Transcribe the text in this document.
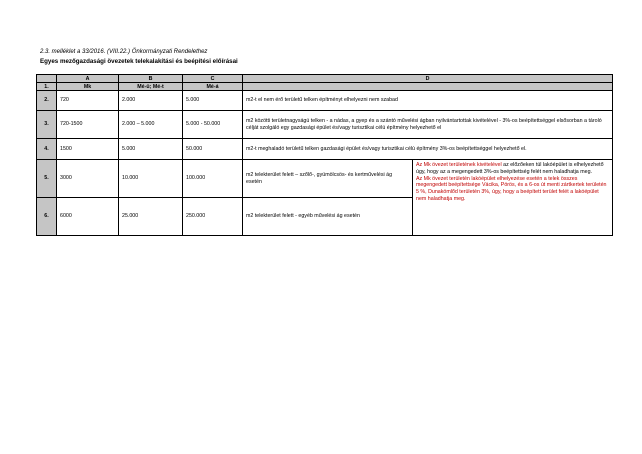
2.3. melléklet a 33/2016. (VIII.22.) Önkormányzati Rendelethez
Egyes mezőgazdasági övezetek telekalakítási és beépítési előírásai
	A	B	C	D	
1.	Mk	Mé-ü; Mé-t	Mé-á		
2.	720	2.000	5.000	m2-t el nem érő területű telken építményt elhelyezni nem szabad	
3.	720-1500	2.000 – 5.000	5.000 - 50.000	m2 közötti területnagyságú telken - a nádas, a gyep és a szántó művelési ágban nyilvántartottak kivételével - 3%-os beépítettséggel elsősorban a tároló célját szolgáló egy gazdasági épület és/vagy turisztikai célú építmény helyezhető el	
4.	1500	5.000	50.000	m2-t meghaladó területű telken gazdasági épület és/vagy turisztikai célú építmény 3%-os beépítettséggel helyezhető el.	
5.	3000	10.000	100.000	m2 telekterület felett – szőlő-, gyümölcsös- és kertművelési ág esetén	Az Mk övezet területének kivételével az előzőeken túl lakóépület is elhelyezhető úgy, hogy az a megengedett 3%-os beépítettség felét nem haladhatja meg.
Az Mk övezet területén lakóépület elhelyezése esetén a telek összes megengedett beépítettsége Vácika, Pörös, és a 6-os út menti zártkertek területén 5 %, Dunakömlőd területén 3%, úgy, hogy a beépített terület felét a lakóépület nem haladhatja meg.

6.	6000	25.000	250.000	m2 telekterület felett - egyéb művelési ág esetén	
